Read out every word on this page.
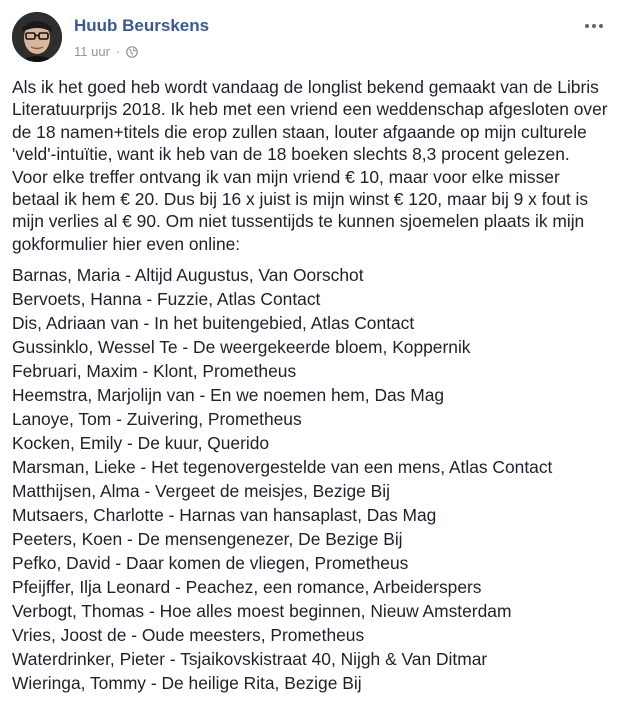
Huub Beurskens
11 uur ·

Als ik het goed heb wordt vandaag de longlist bekend gemaakt van de Libris Literatuurprijs 2018. Ik heb met een vriend een weddenschap afgesloten over de 18 namen+titels die erop zullen staan, louter afgaande op mijn culturele 'veld'-intuïtie, want ik heb van de 18 boeken slechts 8,3 procent gelezen. Voor elke treffer ontvang ik van mijn vriend € 10, maar voor elke misser betaal ik hem € 20. Dus bij 16 x juist is mijn winst € 120, maar bij 9 x fout is mijn verlies al € 90. Om niet tussentijds te kunnen sjoemelen plaats ik mijn gokformulier hier even online:

Barnas, Maria - Altijd Augustus, Van Oorschot
Bervoets, Hanna - Fuzzie, Atlas Contact
Dis, Adriaan van - In het buitengebied, Atlas Contact
Gussinklo, Wessel Te - De weergekeerde bloem, Koppernik
Februari, Maxim - Klont, Prometheus
Heemstra, Marjolijn van - En we noemen hem, Das Mag
Lanoye, Tom - Zuivering, Prometheus
Kocken, Emily - De kuur, Querido
Marsman, Lieke - Het tegenovergestelde van een mens, Atlas Contact
Matthijsen, Alma - Vergeet de meisjes, Bezige Bij
Mutsaers, Charlotte - Harnas van hansaplast, Das Mag
Peeters, Koen - De mensengenezer, De Bezige Bij
Pefko, David - Daar komen de vliegen, Prometheus
Pfeijffer, Ilja Leonard - Peachez, een romance, Arbeiderspers
Verbogt, Thomas - Hoe alles moest beginnen, Nieuw Amsterdam
Vries, Joost de - Oude meesters, Prometheus
Waterdrinker, Pieter - Tsjaikovskistraat 40, Nijgh & Van Ditmar
Wieringa, Tommy - De heilige Rita, Bezige Bij
